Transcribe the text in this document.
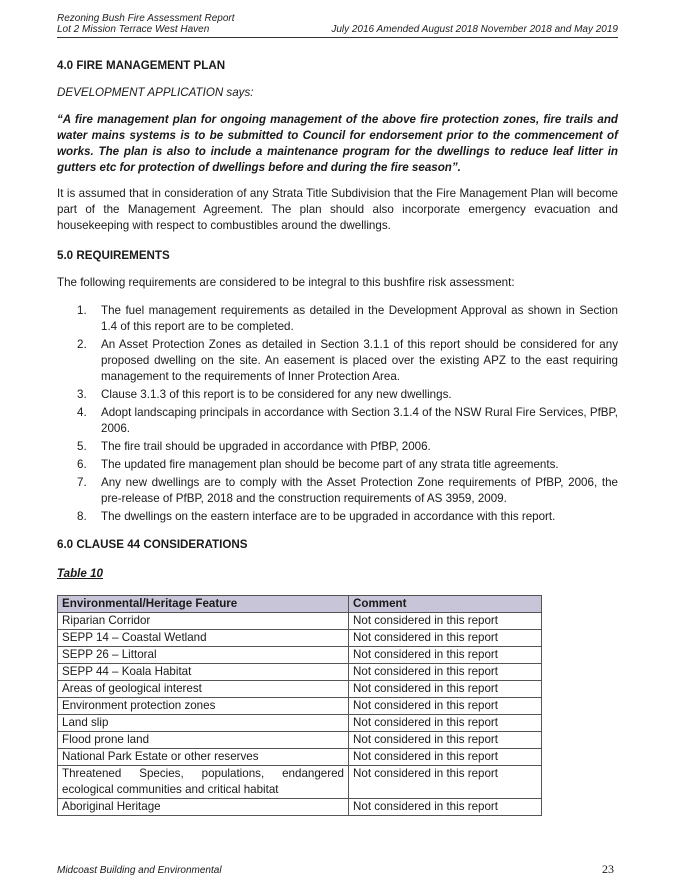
Rezoning Bush Fire Assessment Report
Lot 2 Mission Terrace West Haven	July 2016 Amended August 2018 November 2018 and May 2019

4.0 FIRE MANAGEMENT PLAN

DEVELOPMENT APPLICATION says:

“A fire management plan for ongoing management of the above fire protection zones, fire trails and water mains systems is to be submitted to Council for endorsement prior to the commencement of works. The plan is also to include a maintenance program for the dwellings to reduce leaf litter in gutters etc for protection of dwellings before and during the fire season”.

It is assumed that in consideration of any Strata Title Subdivision that the Fire Management Plan will become part of the Management Agreement. The plan should also incorporate emergency evacuation and housekeeping with respect to combustibles around the dwellings.

5.0 REQUIREMENTS

The following requirements are considered to be integral to this bushfire risk assessment:

1.	The fuel management requirements as detailed in the Development Approval as shown in Section 1.4 of this report are to be completed.
2.	An Asset Protection Zones as detailed in Section 3.1.1 of this report should be considered for any proposed dwelling on the site. An easement is placed over the existing APZ to the east requiring management to the requirements of Inner Protection Area.
3.	Clause 3.1.3 of this report is to be considered for any new dwellings.
4.	Adopt landscaping principals in accordance with Section 3.1.4 of the NSW Rural Fire Services, PfBP, 2006.
5.	The fire trail should be upgraded in accordance with PfBP, 2006.
6.	The updated fire management plan should be become part of any strata title agreements.
7.	Any new dwellings are to comply with the Asset Protection Zone requirements of PfBP, 2006, the pre-release of PfBP, 2018 and the construction requirements of AS 3959, 2009.
8.	The dwellings on the eastern interface are to be upgraded in accordance with this report.

6.0 CLAUSE 44 CONSIDERATIONS

Table 10

Environmental/Heritage Feature	Comment
Riparian Corridor	Not considered in this report
SEPP 14 – Coastal Wetland	Not considered in this report
SEPP 26 – Littoral	Not considered in this report
SEPP 44 – Koala Habitat	Not considered in this report
Areas of geological interest	Not considered in this report
Environment protection zones	Not considered in this report
Land slip	Not considered in this report
Flood prone land	Not considered in this report
National Park Estate or other reserves	Not considered in this report
Threatened Species, populations, endangered ecological communities and critical habitat	Not considered in this report
Aboriginal Heritage	Not considered in this report
Midcoast Building and Environmental	23
